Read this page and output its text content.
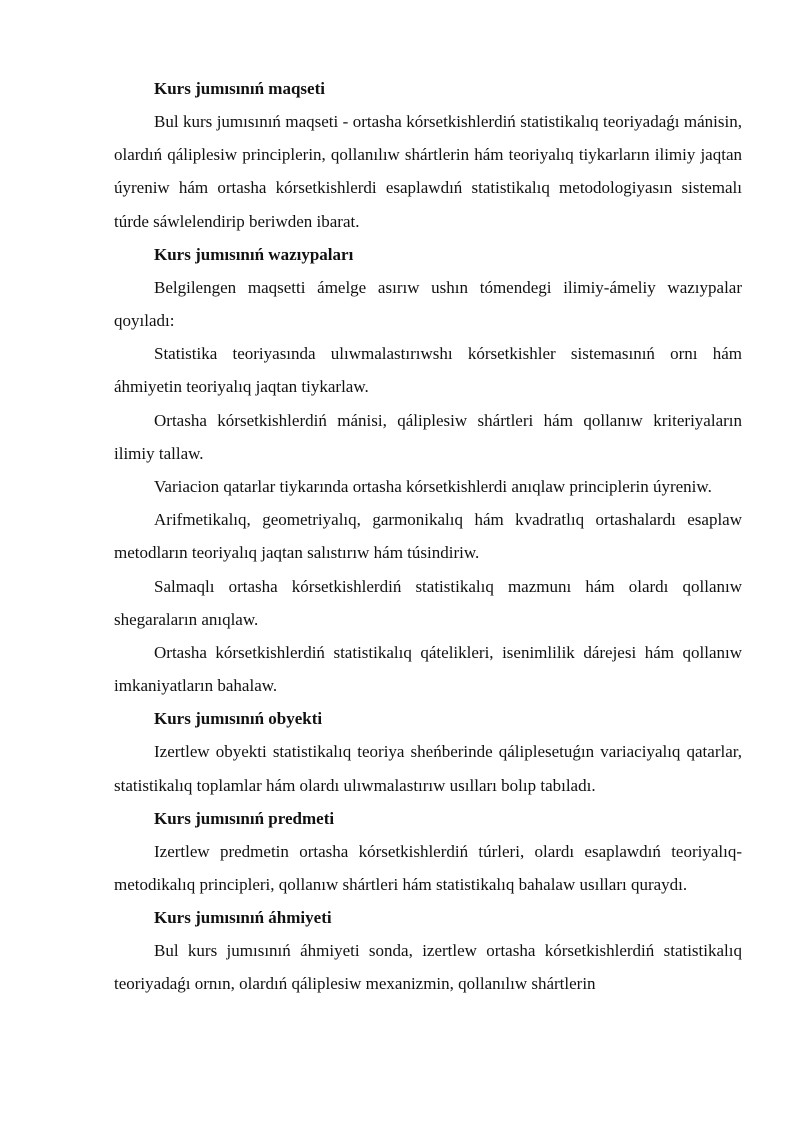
Kurs jumısınıń maqseti

Bul kurs jumısınıń maqseti - ortasha kórsetkishlerdiń statistikalıq teoriyadaǵı mánisin, olardıń qáliplesiw principlerin, qollanılıw shártlerin hám teoriyalıq tiykarların ilimiy jaqtan úyreniw hám ortasha kórsetkishlerdi esaplawdıń statistikalıq metodologiyasın sistemalı túrde sáwlelendirip beriwden ibarat.

Kurs jumısınıń wazıypaları

Belgilengen maqsetti ámelge asırıw ushın tómendegi ilimiy-ámeliy wazıypalar qoyıladı:

Statistika teoriyasında ulıwmalastırıwshı kórsetkishler sistemasınıń ornı hám áhmiyetin teoriyalıq jaqtan tiykarlaw.

Ortasha kórsetkishlerdiń mánisi, qáliplesiw shártleri hám qollanıw kriteriyaların ilimiy tallaw.

Variacion qatarlar tiykarında ortasha kórsetkishlerdi anıqlaw principlerin úyreniw.

Arifmetikalıq, geometriyalıq, garmonikalıq hám kvadratlıq ortashalardı esaplaw metodların teoriyalıq jaqtan salıstırıw hám túsindiriw.

Salmaqlı ortasha kórsetkishlerdiń statistikalıq mazmunı hám olardı qollanıw shegaraların anıqlaw.

Ortasha kórsetkishlerdiń statistikalıq qátelikleri, isenimlilik dárejesi hám qollanıw imkaniyatların bahalaw.

Kurs jumısınıń obyekti

Izertlew obyekti statistikalıq teoriya sheńberinde qáliplesetuǵın variaciyalıq qatarlar, statistikalıq toplamlar hám olardı ulıwmalastırıw usılları bolıp tabıladı.

Kurs jumısınıń predmeti

Izertlew predmetin ortasha kórsetkishlerdiń túrleri, olardı esaplawdıń teoriyalıq-metodikalıq principleri, qollanıw shártleri hám statistikalıq bahalaw usılları quraydı.

Kurs jumısınıń áhmiyeti

Bul kurs jumısınıń áhmiyeti sonda, izertlew ortasha kórsetkishlerdiń statistikalıq teoriyadaǵı ornın, olardıń qáliplesiw mexanizmin, qollanılıw shártlerin
